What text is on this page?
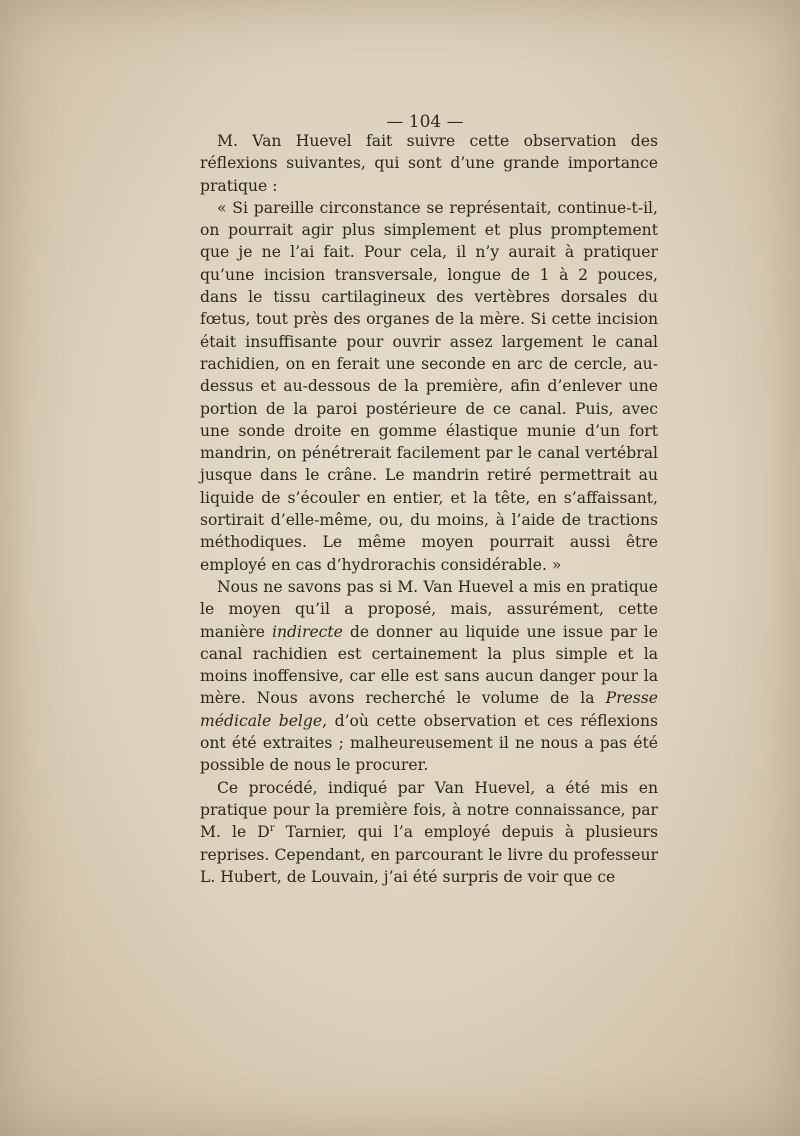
— 104 —

M. Van Huevel fait suivre cette observation des réflexions suivantes, qui sont d’une grande importance pratique :

« Si pareille circonstance se représentait, continue-t-il, on pourrait agir plus simplement et plus promptement que je ne l’ai fait. Pour cela, il n’y aurait à pratiquer qu’une incision transversale, longue de 1 à 2 pouces, dans le tissu cartilagineux des vertèbres dorsales du fœtus, tout près des organes de la mère. Si cette incision était insuffisante pour ouvrir assez largement le canal rachidien, on en ferait une seconde en arc de cercle, au-dessus et au-dessous de la première, afin d’enlever une portion de la paroi postérieure de ce canal. Puis, avec une sonde droite en gomme élastique munie d’un fort mandrin, on pénétrerait facilement par le canal vertébral jusque dans le crâne. Le mandrin retiré permettrait au liquide de s’écouler en entier, et la tête, en s’affaissant, sortirait d’elle-même, ou, du moins, à l’aide de tractions méthodiques. Le même moyen pourrait aussi être employé en cas d’hydrorachis considérable. »

Nous ne savons pas si M. Van Huevel a mis en pratique le moyen qu’il a proposé, mais, assurément, cette manière indirecte de donner au liquide une issue par le canal rachidien est certainement la plus simple et la moins inoffensive, car elle est sans aucun danger pour la mère. Nous avons recherché le volume de la Presse médicale belge, d’où cette observation et ces réflexions ont été extraites ; malheureusement il ne nous a pas été possible de nous le procurer.

Ce procédé, indiqué par Van Huevel, a été mis en pratique pour la première fois, à notre connaissance, par M. le $D^r$ Tarnier, qui l’a employé depuis à plusieurs reprises. Cependant, en parcourant le livre du professeur L. Hubert, de Louvain, j’ai été surpris de voir que ce
